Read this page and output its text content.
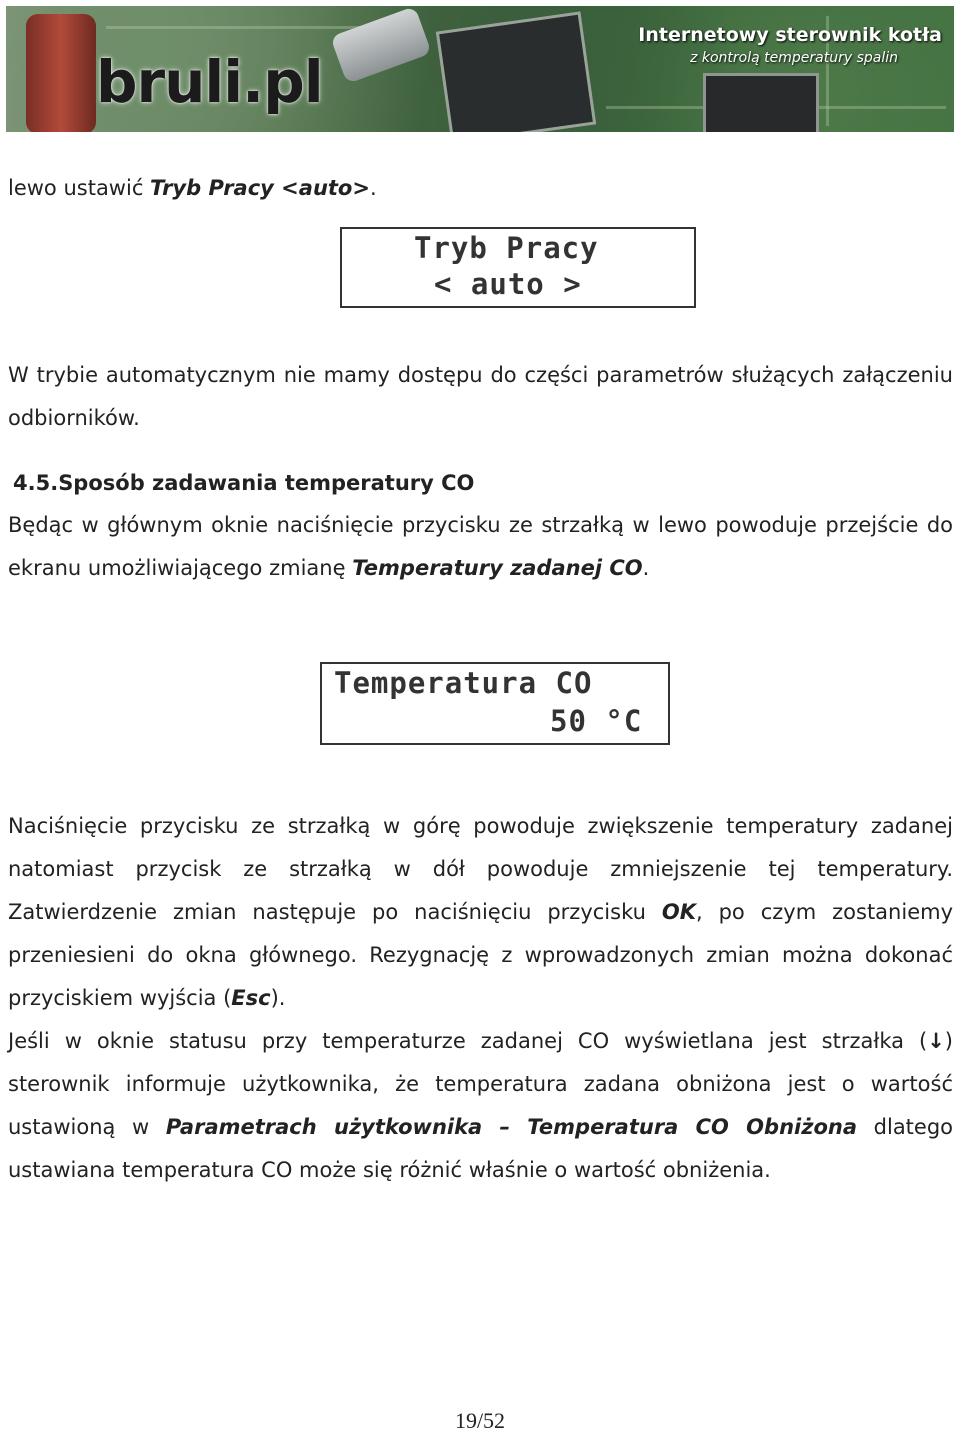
bruli.pl
Internetowy sterownik kotła
z kontrolą temperatury spalin

lewo ustawić Tryb Pracy <auto>.

Tryb Pracy
< auto >

W trybie automatycznym nie mamy dostępu do części parametrów służących załączeniu odbiorników.

4.5.Sposób zadawania temperatury CO

Będąc w głównym oknie naciśnięcie przycisku ze strzałką w lewo powoduje przejście do ekranu umożliwiającego zmianę Temperatury zadanej CO.

Temperatura CO
50 °C

Naciśnięcie przycisku ze strzałką w górę powoduje zwiększenie temperatury zadanej natomiast przycisk ze strzałką w dół powoduje zmniejszenie tej temperatury. Zatwierdzenie zmian następuje po naciśnięciu przycisku OK, po czym zostaniemy przeniesieni do okna głównego. Rezygnację z wprowadzonych zmian można dokonać przyciskiem wyjścia (Esc).

Jeśli w oknie statusu przy temperaturze zadanej CO wyświetlana jest strzałka (↓) sterownik informuje użytkownika, że temperatura zadana obniżona jest o wartość ustawioną w Parametrach użytkownika – Temperatura CO Obniżona dlatego ustawiana temperatura CO może się różnić właśnie o wartość obniżenia.

19/52
